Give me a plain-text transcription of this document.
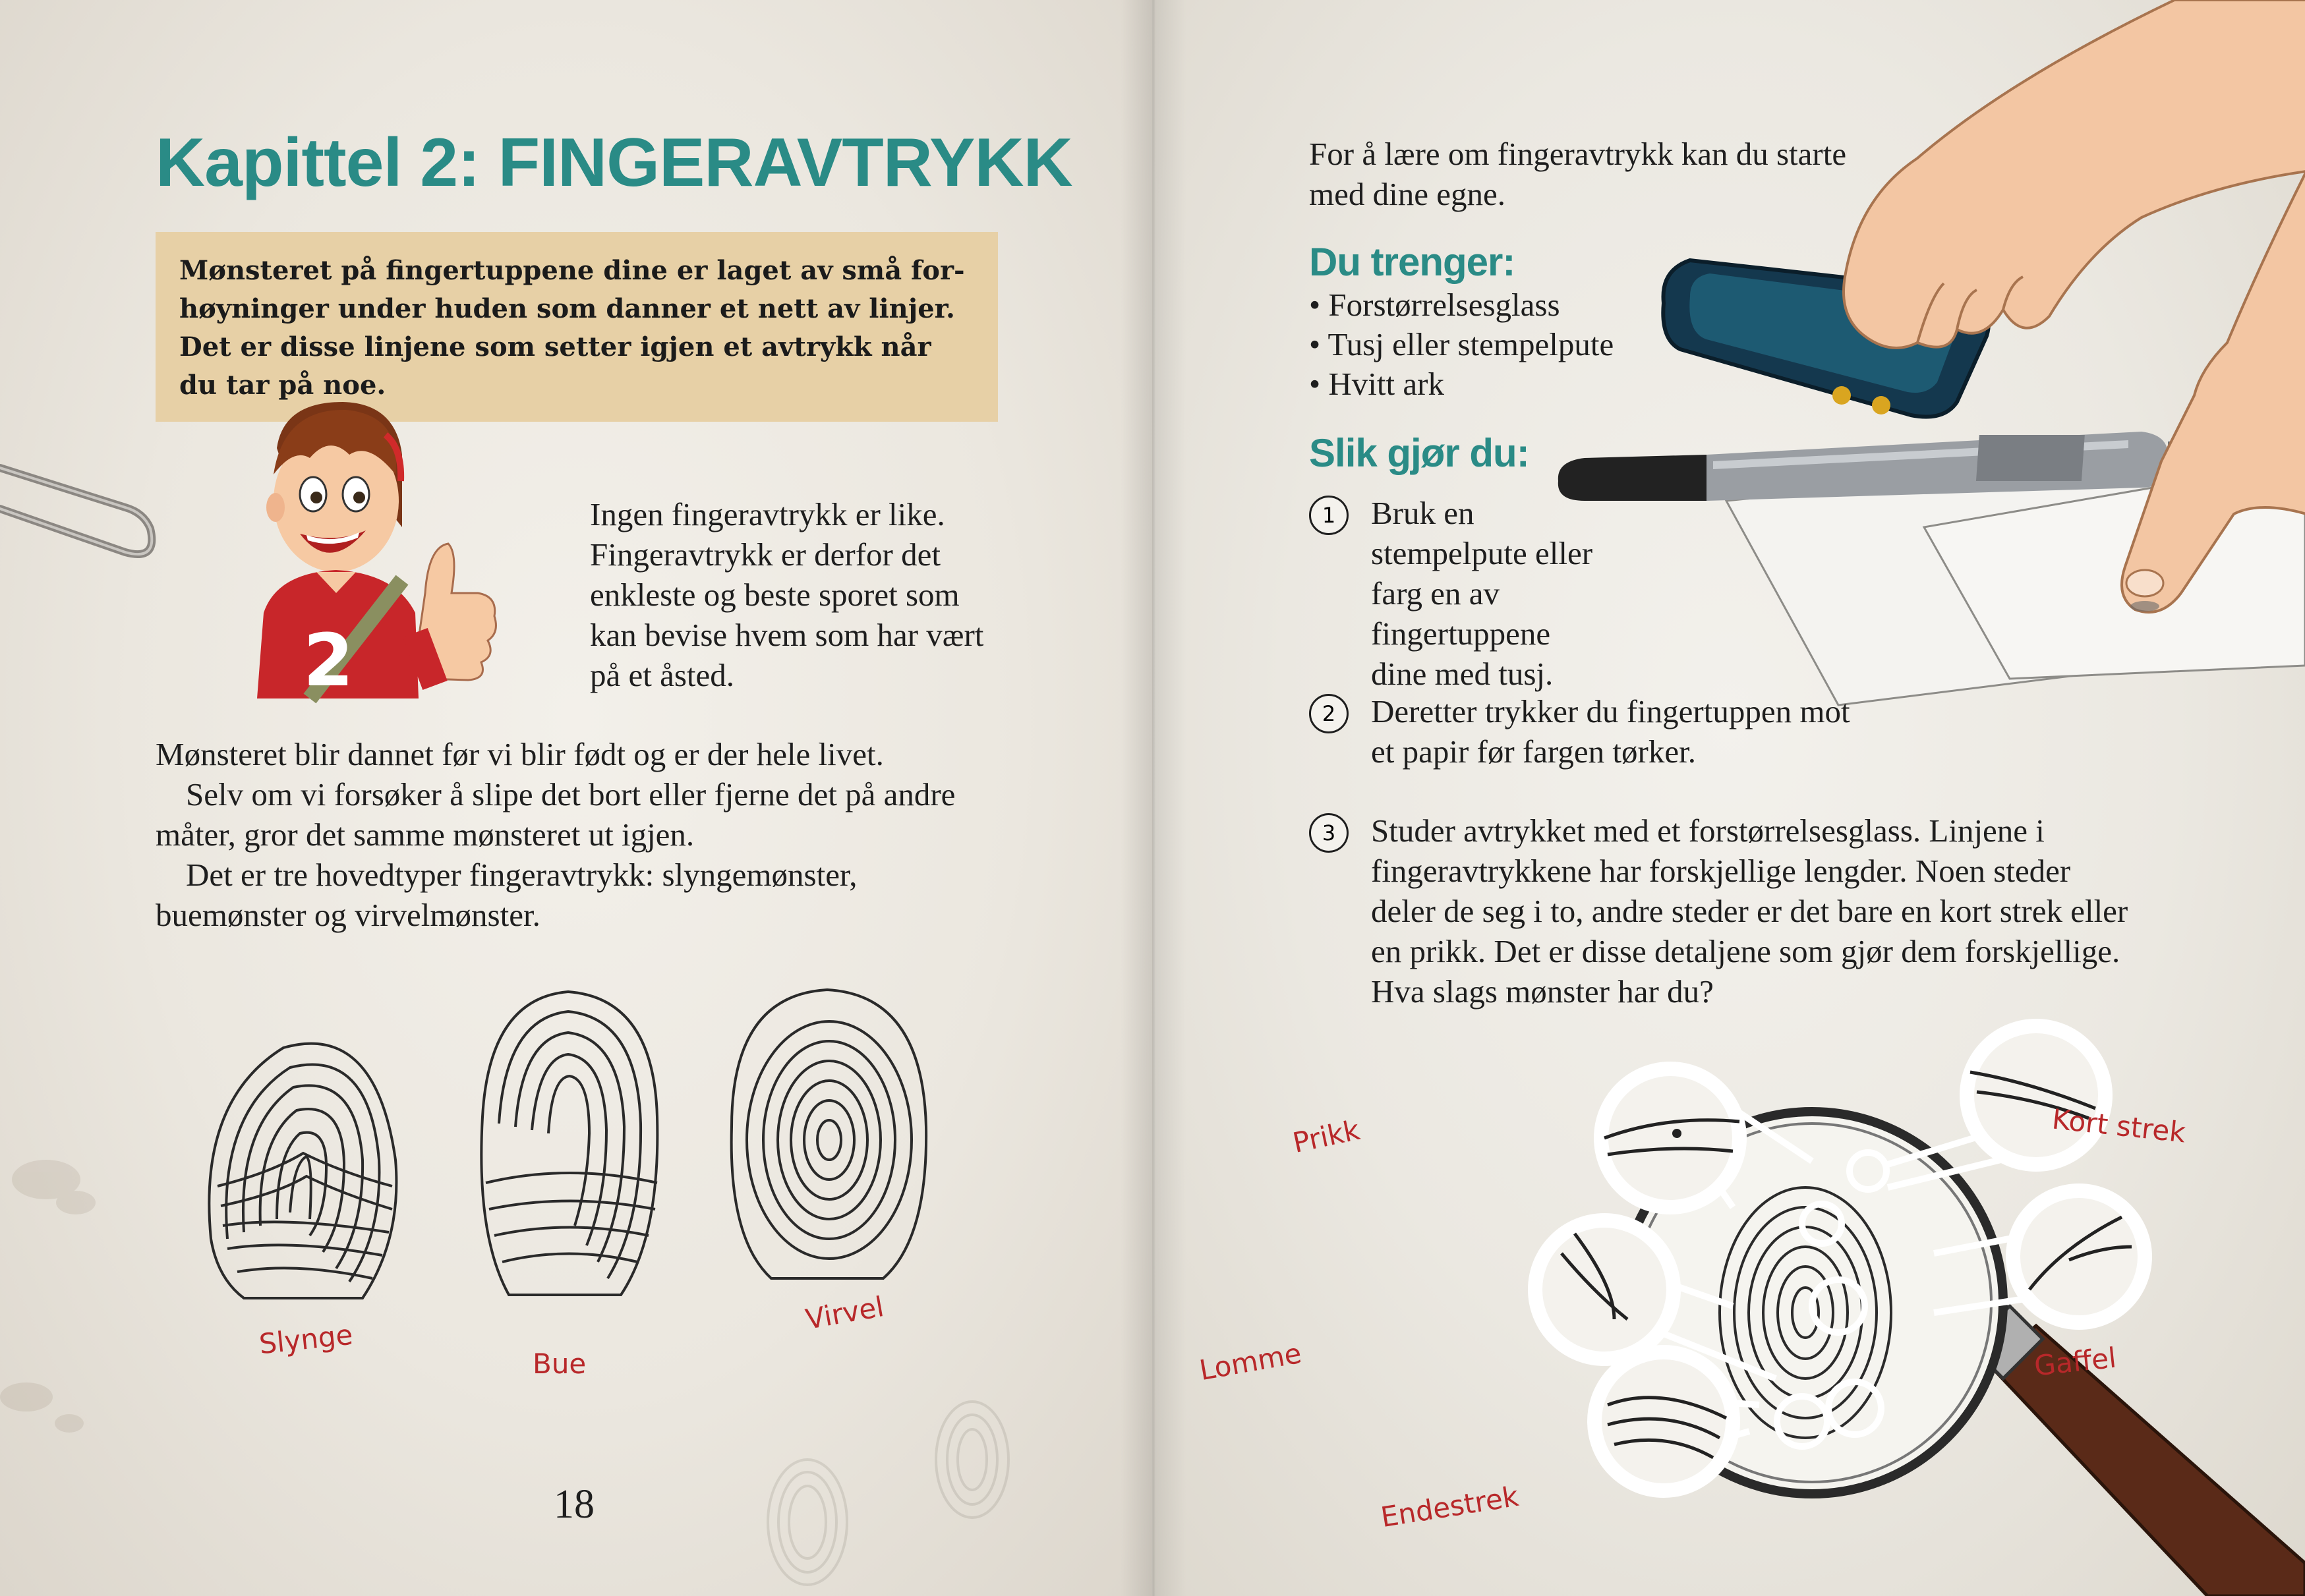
Kapittel 2: FINGERAVTRYKK
Mønsteret på fingertuppene dine er laget av små for-høyninger under huden som danner et nett av linjer. Det er disse linjene som setter igjen et avtrykk når du tar på noe.
2
Ingen fingeravtrykk er like. Fingeravtrykk er derfor det enkleste og beste sporet som kan bevise hvem som har vært på et åsted.

Mønsteret blir dannet før vi blir født og er der hele livet.

Selv om vi forsøker å slipe det bort eller fjerne det på andre måter, gror det samme mønsteret ut igjen.

Det er tre hovedtyper fingeravtrykk: slyngemønster, buemønster og virvelmønster.

Slynge
Bue
Virvel
18
For å lære om fingeravtrykk kan du starte med dine egne.
Du trenger:
• Forstørrelsesglass
• Tusj eller stempelpute
• Hvitt ark
Slik gjør du:
1	Bruk en stempelpute eller farg en av fingertuppene dine med tusj.
2	Deretter trykker du fingertuppen mot et papir før fargen tørker.
3	Studer avtrykket med et forstørrelsesglass. Linjene i fingeravtrykkene har forskjellige lengder. Noen steder deler de seg i to, andre steder er det bare en kort strek eller en prikk. Det er disse detaljene som gjør dem forskjellige. Hva slags mønster har du?
Prikk	Kort strek
Lomme	Gaffel
Endestrek
